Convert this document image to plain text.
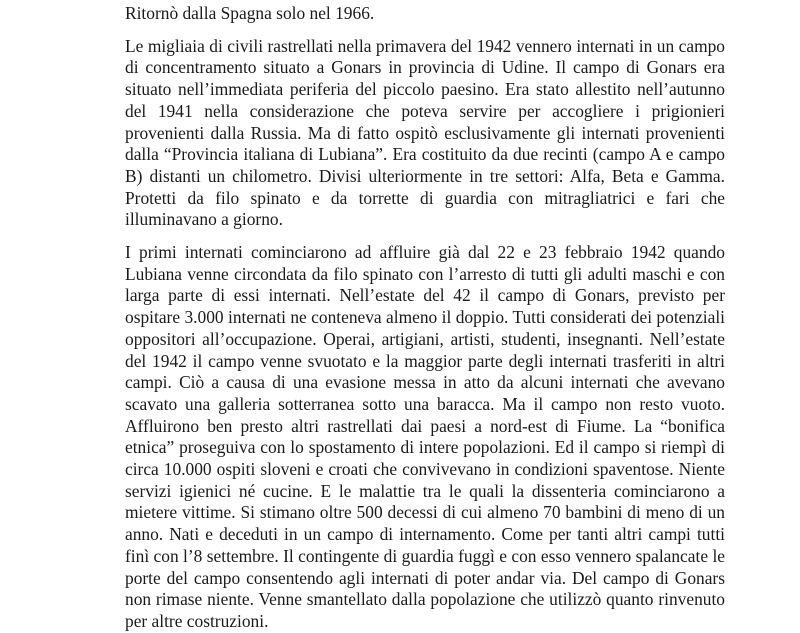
Ritornò dalla Spagna solo nel 1966.

Le migliaia di civili rastrellati nella primavera del 1942 vennero internati in un campo di concentramento situato a Gonars in provincia di Udine. Il campo di Gonars era situato nell’immediata periferia del piccolo paesino. Era stato allestito nell’autunno del 1941 nella considerazione che poteva servire per accogliere i prigionieri provenienti dalla Russia. Ma di fatto ospitò esclusivamente gli internati provenienti dalla “Provincia italiana di Lubiana”. Era costituito da due recinti (campo A e campo B) distanti un chilometro. Divisi ulteriormente in tre settori: Alfa, Beta e Gamma. Protetti da filo spinato e da torrette di guardia con mitragliatrici e fari che illuminavano a giorno.

I primi internati cominciarono ad affluire già dal 22 e 23 febbraio 1942 quando Lubiana venne circondata da filo spinato con l’arresto di tutti gli adulti maschi e con larga parte di essi internati. Nell’estate del 42 il campo di Gonars, previsto per ospitare 3.000 internati ne conteneva almeno il doppio. Tutti considerati dei potenziali oppositori all’occupazione. Operai, artigiani, artisti, studenti, insegnanti. Nell’estate del 1942 il campo venne svuotato e la maggior parte degli internati trasferiti in altri campi. Ciò a causa di una evasione messa in atto da alcuni internati che avevano scavato una galleria sotterranea sotto una baracca. Ma il campo non resto vuoto. Affluirono ben presto altri rastrellati dai paesi a nord-est di Fiume. La “bonifica etnica” proseguiva con lo spostamento di intere popolazioni. Ed il campo si riempì di circa 10.000 ospiti sloveni e croati che convivevano in condizioni spaventose. Niente servizi igienici né cucine. E le malattie tra le quali la dissenteria cominciarono a mietere vittime. Si stimano oltre 500 decessi di cui almeno 70 bambini di meno di un anno. Nati e deceduti in un campo di internamento. Come per tanti altri campi tutti finì con l’8 settembre. Il contingente di guardia fuggì e con esso vennero spalancate le porte del campo consentendo agli internati di poter andar via. Del campo di Gonars non rimase niente. Venne smantellato dalla popolazione che utilizzò quanto rinvenuto per altre costruzioni.
